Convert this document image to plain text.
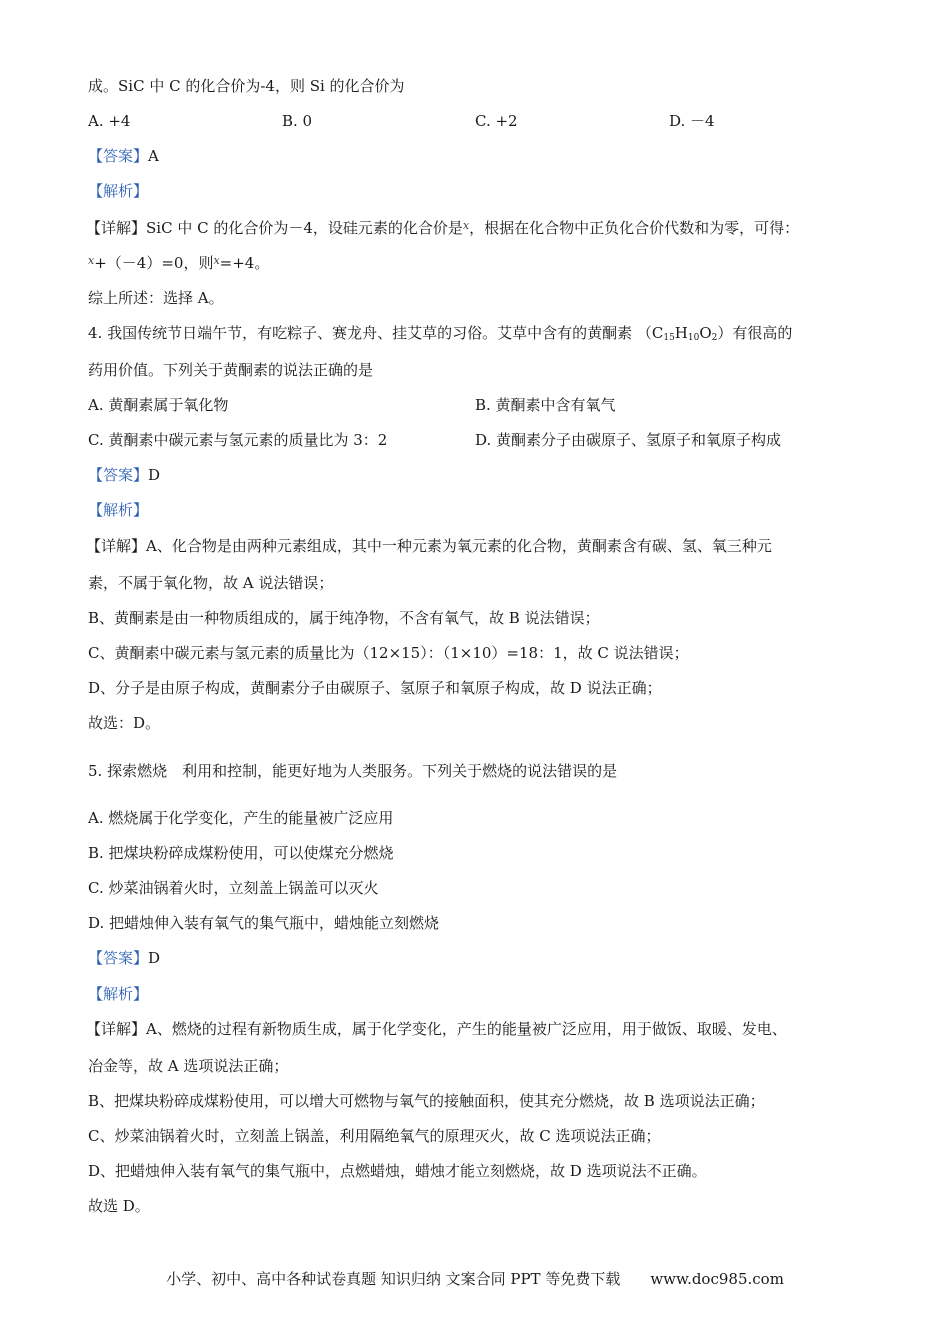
成。SiC 中 C 的化合价为-4，则 Si 的化合价为
A. +4	B. 0	C. +2	D. －4
【答案】A
【解析】
【详解】SiC 中 C 的化合价为－4，设硅元素的化合价是$^x$，根据在化合物中正负化合价代数和为零，可得：
$^x$+（－4）=0，则$^x$=+4。
综上所述：选择 A。
4. 我国传统节日端午节，有吃粽子、赛龙舟、挂艾草的习俗。艾草中含有的黄酮素 $(C_{15}H_{10}O_2)$有很高的
药用价值。下列关于黄酮素的说法正确的是
A. 黄酮素属于氧化物	B. 黄酮素中含有氧气
C. 黄酮素中碳元素与氢元素的质量比为 3：2	D. 黄酮素分子由碳原子、氢原子和氧原子构成
【答案】D
【解析】
【详解】A、化合物是由两种元素组成，其中一种元素为氧元素的化合物，黄酮素含有碳、氢、氧三种元
素，不属于氧化物，故 A 说法错误；
B、黄酮素是由一种物质组成的，属于纯净物，不含有氧气，故 B 说法错误；
C、黄酮素中碳元素与氢元素的质量比为（12×15）：（1×10）=18：1，故 C 说法错误；
D、分子是由原子构成，黄酮素分子由碳原子、氢原子和氧原子构成，故 D 说法正确；
故选：D。
5. 探索燃烧　利用和控制，能更好地为人类服务。下列关于燃烧的说法错误的是
A. 燃烧属于化学变化，产生的能量被广泛应用
B. 把煤块粉碎成煤粉使用，可以使煤充分燃烧
C. 炒菜油锅着火时，立刻盖上锅盖可以灭火
D. 把蜡烛伸入装有氧气的集气瓶中，蜡烛能立刻燃烧
【答案】D
【解析】
【详解】A、燃烧的过程有新物质生成，属于化学变化，产生的能量被广泛应用，用于做饭、取暖、发电、
冶金等，故 A 选项说法正确；
B、把煤块粉碎成煤粉使用，可以增大可燃物与氧气的接触面积，使其充分燃烧，故 B 选项说法正确；
C、炒菜油锅着火时，立刻盖上锅盖，利用隔绝氧气的原理灭火，故 C 选项说法正确；
D、把蜡烛伸入装有氧气的集气瓶中，点燃蜡烛，蜡烛才能立刻燃烧，故 D 选项说法不正确。
故选 D。
小学、初中、高中各种试卷真题 知识归纳 文案合同 PPT 等免费下载　　www.doc985.com
